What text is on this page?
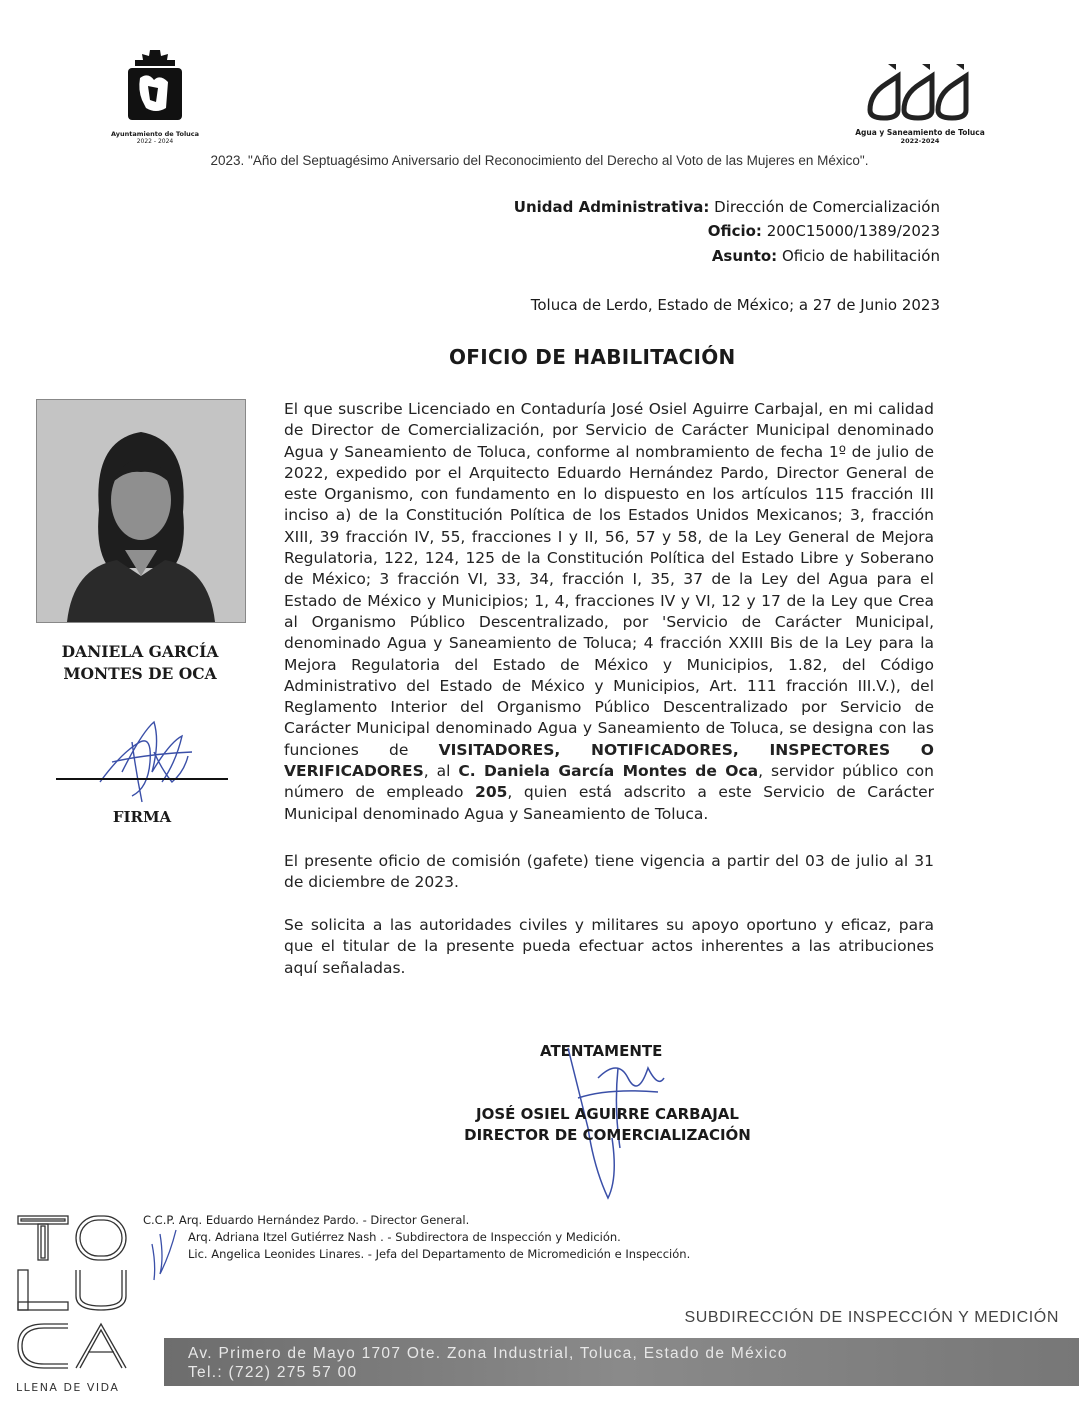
Ayuntamiento de Toluca
2022 - 2024
Agua y Saneamiento de Toluca
2022-2024
2023. "Año del Septuagésimo Aniversario del Reconocimiento del Derecho al Voto de las Mujeres en México".
Unidad Administrativa: Dirección de Comercialización
Oficio: 200C15000/1389/2023
Asunto: Oficio de habilitación
Toluca de Lerdo, Estado de México; a 27 de Junio 2023
OFICIO DE HABILITACIÓN
DANIELA GARCÍA
MONTES DE OCA
FIRMA

El que suscribe Licenciado en Contaduría José Osiel Aguirre Carbajal, en mi calidad de Director de Comercialización, por Servicio de Carácter Municipal denominado Agua y Saneamiento de Toluca, conforme al nombramiento de fecha 1º de julio de 2022, expedido por el Arquitecto Eduardo Hernández Pardo, Director General de este Organismo, con fundamento en lo dispuesto en los artículos 115 fracción III inciso a) de la Constitución Política de los Estados Unidos Mexicanos; 3, fracción XIII, 39 fracción IV, 55, fracciones I y II, 56, 57 y 58, de la Ley General de Mejora Regulatoria, 122, 124, 125 de la Constitución Política del Estado Libre y Soberano de México; 3 fracción VI, 33, 34, fracción I, 35, 37 de la Ley del Agua para el Estado de México y Municipios; 1, 4, fracciones IV y VI, 12 y 17 de la Ley que Crea al Organismo Público Descentralizado, por 'Servicio de Carácter Municipal, denominado Agua y Saneamiento de Toluca; 4 fracción XXIII Bis de la Ley para la Mejora Regulatoria del Estado de México y Municipios, 1.82, del Código Administrativo del Estado de México y Municipios, Art. 111 fracción III.V.), del Reglamento Interior del Organismo Público Descentralizado por Servicio de Carácter Municipal denominado Agua y Saneamiento de Toluca, se designa con las funciones de VISITADORES, NOTIFICADORES, INSPECTORES O VERIFICADORES, al C. Daniela García Montes de Oca, servidor público con número de empleado 205, quien está adscrito a este Servicio de Carácter Municipal denominado Agua y Saneamiento de Toluca.

El presente oficio de comisión (gafete) tiene vigencia a partir del 03 de julio al 31 de diciembre de 2023.
Se solicita a las autoridades civiles y militares su apoyo oportuno y eficaz, para que el titular de la presente pueda efectuar actos inherentes a las atribuciones aquí señaladas.
ATENTAMENTE
JOSÉ OSIEL AGUIRRE CARBAJAL
DIRECTOR DE COMERCIALIZACIÓN
LLENA DE VIDA
C.C.P. Arq. Eduardo Hernández Pardo. - Director General.
Arq. Adriana Itzel Gutiérrez Nash . - Subdirectora de Inspección y Medición.
Lic. Angelica Leonides Linares. - Jefa del Departamento de Micromedición e Inspección.
SUBDIRECCIÓN DE INSPECCIÓN Y MEDICIÓN
Av. Primero de Mayo 1707 Ote. Zona Industrial, Toluca, Estado de México
Tel.: (722) 275 57 00
